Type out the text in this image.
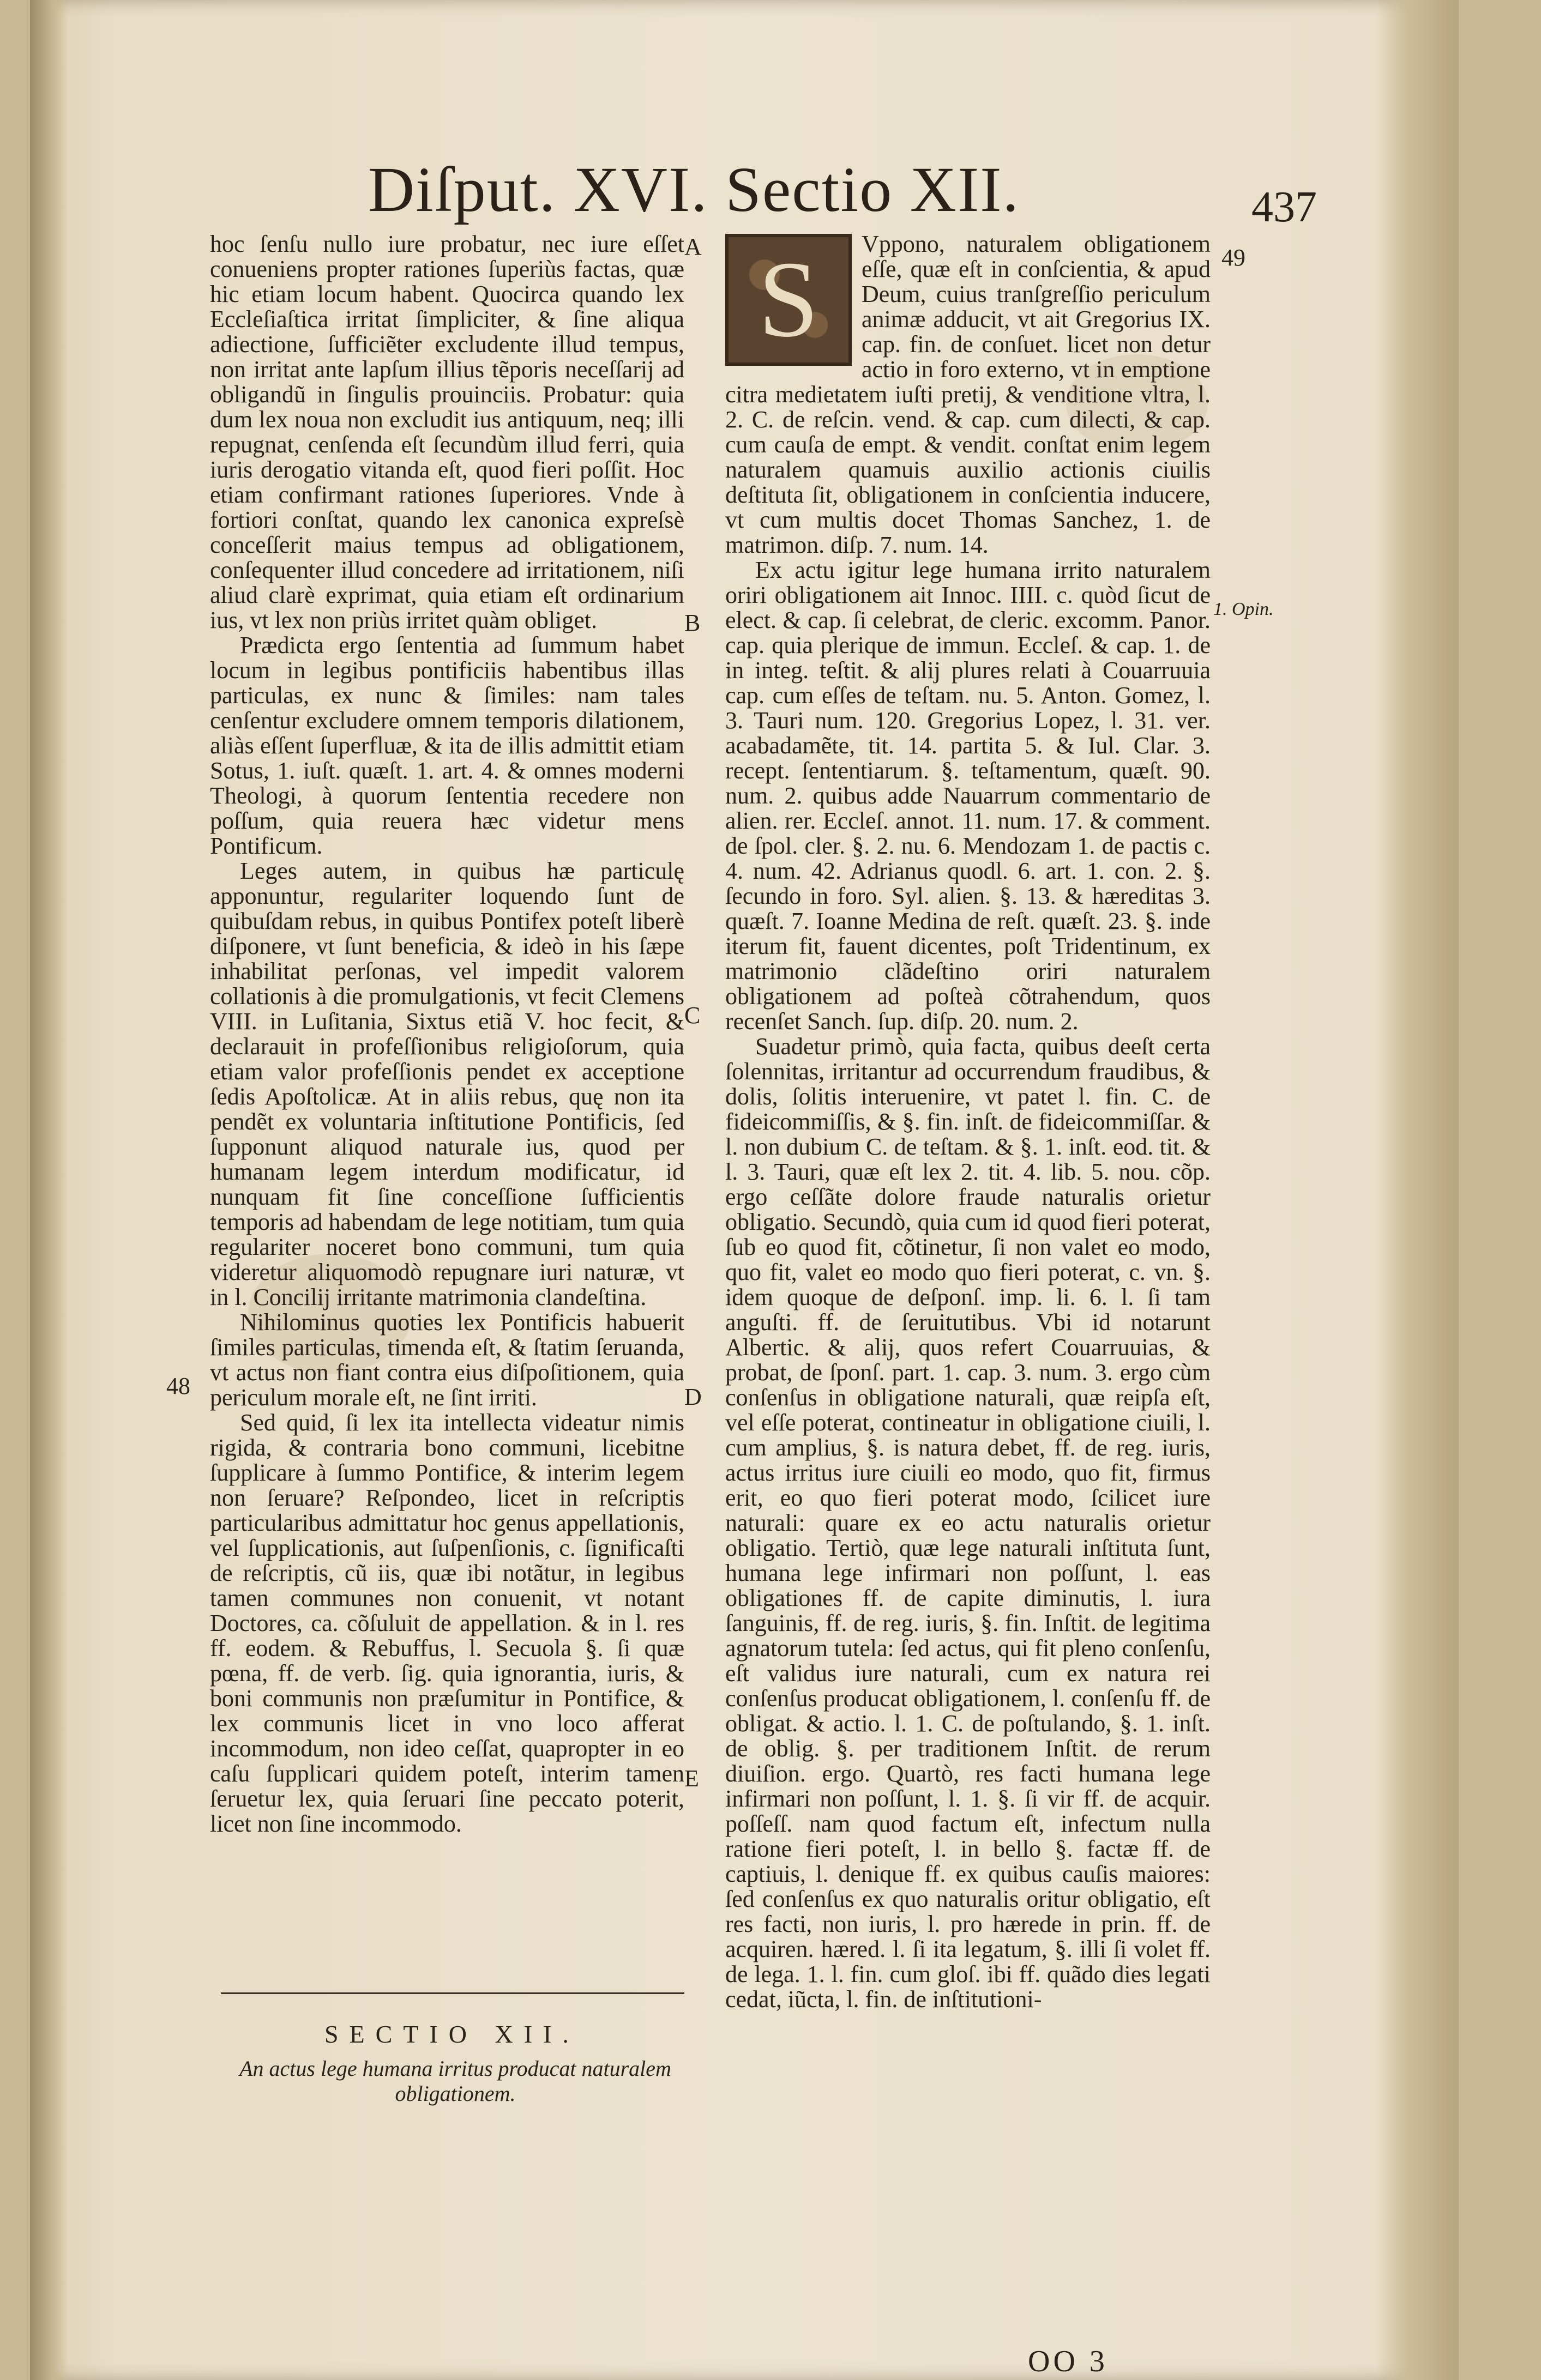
Diſput. XVI. Sectio XII.	437

hoc ſenſu nullo iure probatur, nec iure eſſet conueniens propter rationes ſuperiùs factas, quæ hic etiam locum habent. Quocirca quando lex Eccleſiaſtica irritat ſimpliciter, & ſine aliqua adiectione, ſufficiẽter excludente illud tempus, non irritat ante lapſum illius tẽporis neceſſarij ad obligandũ in ſingulis prouinciis. Probatur: quia dum lex noua non excludit ius antiquum, neq; illi repugnat, cenſenda eſt ſecundùm illud ferri, quia iuris derogatio vitanda eſt, quod fieri poſſit. Hoc etiam confirmant rationes ſuperiores. Vnde à fortiori conſtat, quando lex canonica expreſsè conceſſerit maius tempus ad obligationem, conſequenter illud concedere ad irritationem, niſi aliud clarè exprimat, quia etiam eſt ordinarium ius, vt lex non priùs irritet quàm obliget.

Prædicta ergo ſententia ad ſummum habet locum in legibus pontificiis habentibus illas particulas, ex nunc & ſimiles: nam tales cenſentur excludere omnem temporis dilationem, aliàs eſſent ſuperfluæ, & ita de illis admittit etiam Sotus, 1. iuſt. quæſt. 1. art. 4. & omnes moderni Theologi, à quorum ſententia recedere non poſſum, quia reuera hæc videtur mens Pontificum.

Leges autem, in quibus hæ particulę apponuntur, regulariter loquendo ſunt de quibuſdam rebus, in quibus Pontifex poteſt liberè diſponere, vt ſunt beneficia, & ideò in his ſæpe inhabilitat perſonas, vel impedit valorem collationis à die promulgationis, vt fecit Clemens VIII. in Luſitania, Sixtus etiã V. hoc fecit, & declarauit in profeſſionibus religioſorum, quia etiam valor profeſſionis pendet ex acceptione ſedis Apoſtolicæ. At in aliis rebus, quę non ita pendẽt ex voluntaria inſtitutione Pontificis, ſed ſupponunt aliquod naturale ius, quod per humanam legem interdum modificatur, id nunquam fit ſine conceſſione ſufficientis temporis ad habendam de lege notitiam, tum quia regulariter noceret bono communi, tum quia videretur aliquomodò repugnare iuri naturæ, vt in l. Concilij irritante matrimonia clandeſtina.

Nihilominus quoties lex Pontificis habuerit ſimiles particulas, timenda eſt, & ſtatim ſeruanda, vt actus non fiant contra eius diſpoſitionem, quia periculum morale eſt, ne ſint irriti.

Sed quid, ſi lex ita intellecta videatur nimis rigida, & contraria bono communi, licebitne ſupplicare à ſummo Pontifice, & interim legem non ſeruare? Reſpondeo, licet in reſcriptis particularibus admittatur hoc genus appellationis, vel ſupplicationis, aut ſuſpenſionis, c. ſignificaſti de reſcriptis, cũ iis, quæ ibi notãtur, in legibus tamen communes non conuenit, vt notant Doctores, ca. cõſuluit de appellation. & in l. res ff. eodem. & Rebuffus, l. Secuola §. ſi quæ pœna, ff. de verb. ſig. quia ignorantia, iuris, & boni communis non præſumitur in Pontifice, & lex communis licet in vno loco afferat incommodum, non ideo ceſſat, quapropter in eo caſu ſupplicari quidem poteſt, interim tamen ſeruetur lex, quia ſeruari ſine peccato poterit, licet non ſine incommodo.

SECTIO XII.
An actus lege humana irritus producat naturalem obligationem.
S	Vppono, naturalem obligationem eſſe, quæ eſt in conſcientia, & apud Deum, cuius tranſgreſſio periculum animæ adducit, vt ait Gregorius IX. cap. fin. de conſuet. licet non detur actio in foro externo, vt in emptione citra medietatem iuſti pretij, & venditione vltra, l. 2. C. de reſcin. vend. & cap. cum dilecti, & cap. cum cauſa de empt. & vendit. conſtat enim legem naturalem quamuis auxilio actionis ciuilis deſtituta ſit, obligationem in conſcientia inducere, vt cum multis docet Thomas Sanchez, 1. de matrimon. diſp. 7. num. 14.

Ex actu igitur lege humana irrito naturalem oriri obligationem ait Innoc. IIII. c. quòd ſicut de elect. & cap. ſi celebrat, de cleric. excomm. Panor. cap. quia plerique de immun. Eccleſ. & cap. 1. de in integ. teſtit. & alij plures relati à Couarruuia cap. cum eſſes de teſtam. nu. 5. Anton. Gomez, l. 3. Tauri num. 120. Gregorius Lopez, l. 31. ver. acabadamẽte, tit. 14. partita 5. & Iul. Clar. 3. recept. ſententiarum. §. teſtamentum, quæſt. 90. num. 2. quibus adde Nauarrum commentario de alien. rer. Eccleſ. annot. 11. num. 17. & comment. de ſpol. cler. §. 2. nu. 6. Mendozam 1. de pactis c. 4. num. 42. Adrianus quodl. 6. art. 1. con. 2. §. ſecundo in foro. Syl. alien. §. 13. & hæreditas 3. quæſt. 7. Ioanne Medina de reſt. quæſt. 23. §. inde iterum fit, fauent dicentes, poſt Tridentinum, ex matrimonio clãdeſtino oriri naturalem obligationem ad poſteà cõtrahendum, quos recenſet Sanch. ſup. diſp. 20. num. 2.

Suadetur primò, quia facta, quibus deeſt certa ſolennitas, irritantur ad occurrendum fraudibus, & dolis, ſolitis interuenire, vt patet l. fin. C. de fideicommiſſis, & §. fin. inſt. de fideicommiſſar. & l. non dubium C. de teſtam. & §. 1. inſt. eod. tit. & l. 3. Tauri, quæ eſt lex 2. tit. 4. lib. 5. nou. cõp. ergo ceſſãte dolore fraude naturalis orietur obligatio. Secundò, quia cum id quod fieri poterat, ſub eo quod fit, cõtinetur, ſi non valet eo modo, quo fit, valet eo modo quo fieri poterat, c. vn. §. idem quoque de deſponſ. imp. li. 6. l. ſi tam anguſti. ff. de ſeruitutibus. Vbi id notarunt Albertic. & alij, quos refert Couarruuias, & probat, de ſponſ. part. 1. cap. 3. num. 3. ergo cùm conſenſus in obligatione naturali, quæ reipſa eſt, vel eſſe poterat, contineatur in obligatione ciuili, l. cum amplius, §. is natura debet, ff. de reg. iuris, actus irritus iure ciuili eo modo, quo fit, firmus erit, eo quo fieri poterat modo, ſcilicet iure naturali: quare ex eo actu naturalis orietur obligatio. Tertiò, quæ lege naturali inſtituta ſunt, humana lege infirmari non poſſunt, l. eas obligationes ff. de capite diminutis, l. iura ſanguinis, ff. de reg. iuris, §. fin. Inſtit. de legitima agnatorum tutela: ſed actus, qui fit pleno conſenſu, eſt validus iure naturali, cum ex natura rei conſenſus producat obligationem, l. conſenſu ff. de obligat. & actio. l. 1. C. de poſtulando, §. 1. inſt. de oblig. §. per traditionem Inſtit. de rerum diuiſion. ergo. Quartò, res facti humana lege infirmari non poſſunt, l. 1. §. ſi vir ff. de acquir. poſſeſſ. nam quod factum eſt, infectum nulla ratione fieri poteſt, l. in bello §. factæ ff. de captiuis, l. denique ff. ex quibus cauſis maiores: ſed conſenſus ex quo naturalis oritur obligatio, eſt res facti, non iuris, l. pro hærede in prin. ff. de acquiren. hæred. l. ſi ita legatum, §. illi ſi volet ff. de lega. 1. l. fin. cum gloſ. ibi ff. quãdo dies legati cedat, iũcta, l. fin. de inſtitutioni-

A
B
C
D
E
49
1. Opin.
48
OO 3
